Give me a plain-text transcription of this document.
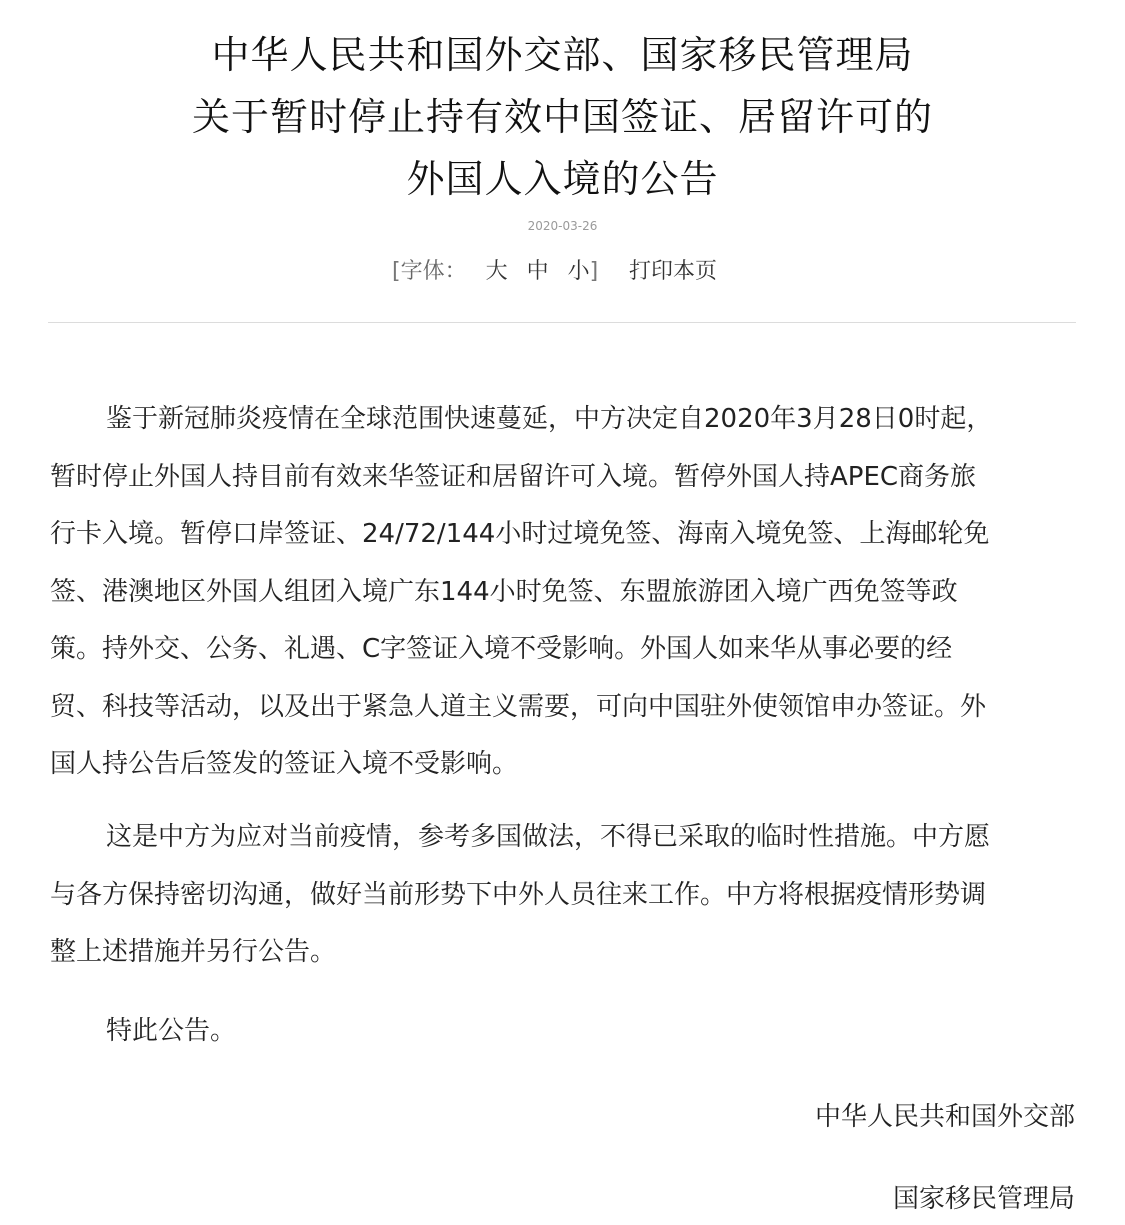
中华人民共和国外交部、国家移民管理局
关于暂时停止持有效中国签证、居留许可的
外国人入境的公告
2020-03-26
[字体： 大 中 小] 打印本页

鉴于新冠肺炎疫情在全球范围快速蔓延，中方决定自2020年3月28日0时起，
暂时停止外国人持目前有效来华签证和居留许可入境。暂停外国人持APEC商务旅
行卡入境。暂停口岸签证、24/72/144小时过境免签、海南入境免签、上海邮轮免
签、港澳地区外国人组团入境广东144小时免签、东盟旅游团入境广西免签等政
策。持外交、公务、礼遇、C字签证入境不受影响。外国人如来华从事必要的经
贸、科技等活动，以及出于紧急人道主义需要，可向中国驻外使领馆申办签证。外
国人持公告后签发的签证入境不受影响。

这是中方为应对当前疫情，参考多国做法，不得已采取的临时性措施。中方愿
与各方保持密切沟通，做好当前形势下中外人员往来工作。中方将根据疫情形势调
整上述措施并另行公告。

特此公告。

中华人民共和国外交部
国家移民管理局
